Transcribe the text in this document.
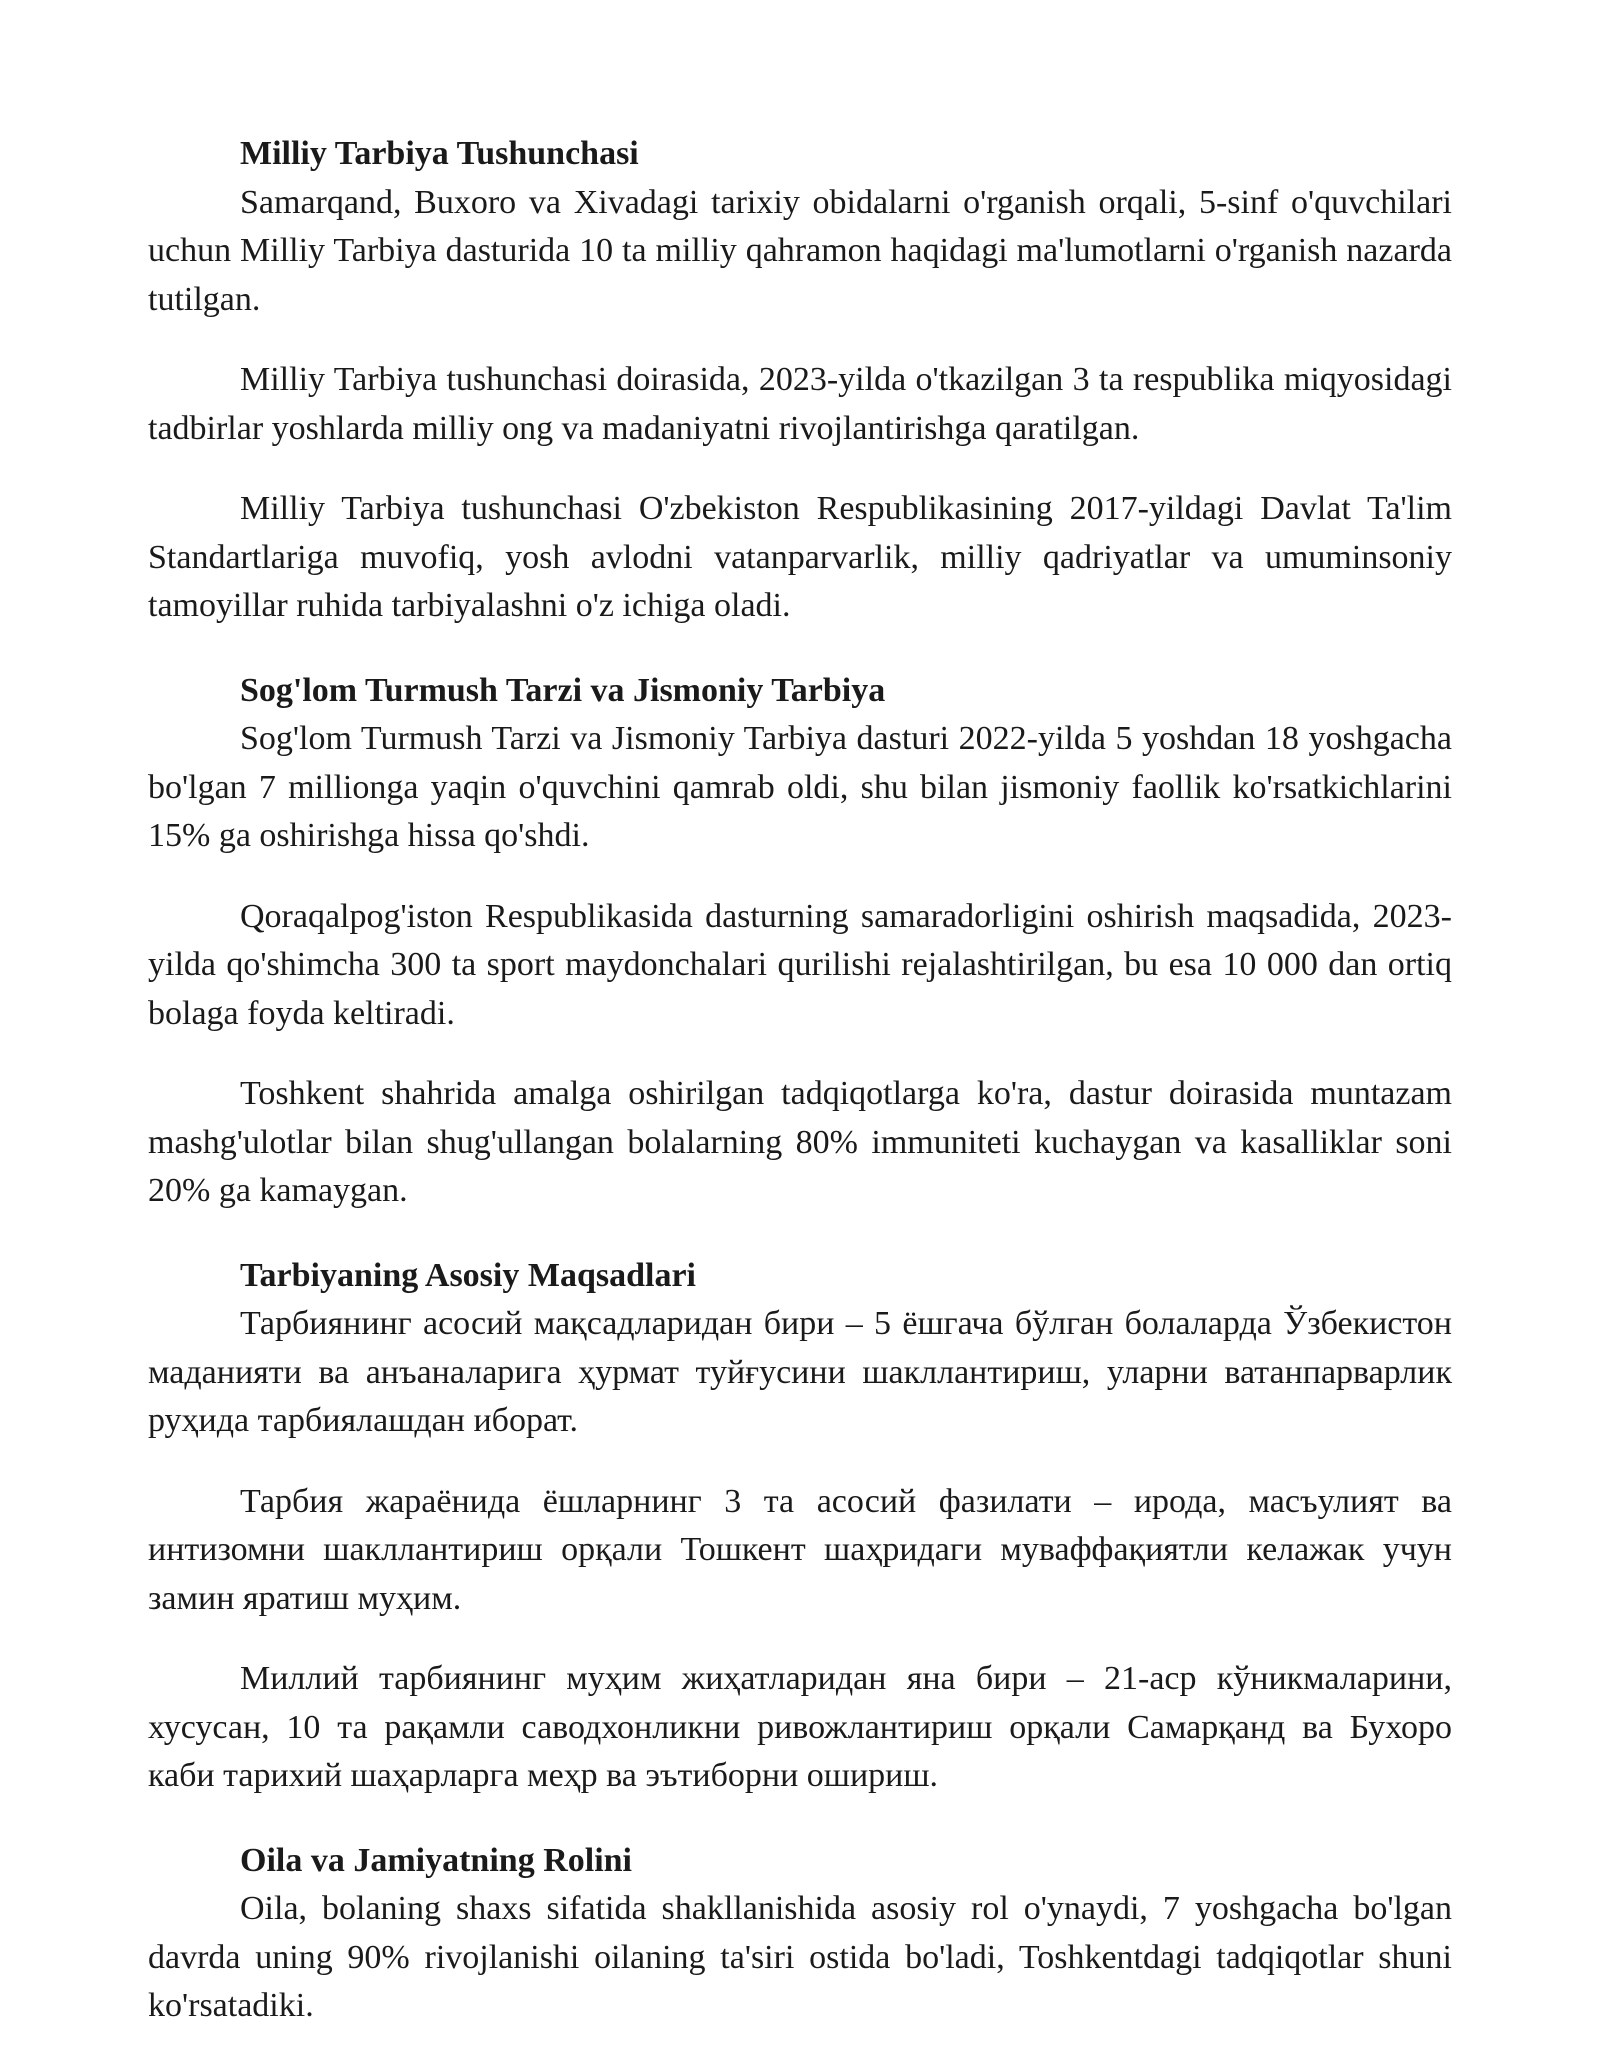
Milliy Tarbiya Tushunchasi

Samarqand, Buxoro va Xivadagi tarixiy obidalarni o'rganish orqali, 5-sinf o'quvchilari uchun Milliy Tarbiya dasturida 10 ta milliy qahramon haqidagi ma'lumotlarni o'rganish nazarda tutilgan.

Milliy Tarbiya tushunchasi doirasida, 2023-yilda o'tkazilgan 3 ta respublika miqyosidagi tadbirlar yoshlarda milliy ong va madaniyatni rivojlantirishga qaratilgan.

Milliy Tarbiya tushunchasi O'zbekiston Respublikasining 2017-yildagi Davlat Ta'lim Standartlariga muvofiq, yosh avlodni vatanparvarlik, milliy qadriyatlar va umuminsoniy tamoyillar ruhida tarbiyalashni o'z ichiga oladi.

Sog'lom Turmush Tarzi va Jismoniy Tarbiya

Sog'lom Turmush Tarzi va Jismoniy Tarbiya dasturi 2022-yilda 5 yoshdan 18 yoshgacha bo'lgan 7 millionga yaqin o'quvchini qamrab oldi, shu bilan jismoniy faollik ko'rsatkichlarini 15% ga oshirishga hissa qo'shdi.

Qoraqalpog'iston Respublikasida dasturning samaradorligini oshirish maqsadida, 2023-yilda qo'shimcha 300 ta sport maydonchalari qurilishi rejalashtirilgan, bu esa 10 000 dan ortiq bolaga foyda keltiradi.

Toshkent shahrida amalga oshirilgan tadqiqotlarga ko'ra, dastur doirasida muntazam mashg'ulotlar bilan shug'ullangan bolalarning 80% immuniteti kuchaygan va kasalliklar soni 20% ga kamaygan.

Tarbiyaning Asosiy Maqsadlari

Тарбиянинг асосий мақсадларидан бири – 5 ёшгача бўлган болаларда Ўзбекистон маданияти ва анъаналарига ҳурмат туйғусини шакллантириш, уларни ватанпарварлик руҳида тарбиялашдан иборат.

Тарбия жараёнида ёшларнинг 3 та асосий фазилати – ирода, масъулият ва интизомни шакллантириш орқали Тошкент шаҳридаги муваффақиятли келажак учун замин яратиш муҳим.

Миллий тарбиянинг муҳим жиҳатларидан яна бири – 21-аср кўникмаларини, хусусан, 10 та рақамли саводхонликни ривожлантириш орқали Самарқанд ва Бухоро каби тарихий шаҳарларга меҳр ва эътиборни ошириш.

Oila va Jamiyatning Rolini

Oila, bolaning shaxs sifatida shakllanishida asosiy rol o'ynaydi, 7 yoshgacha bo'lgan davrda uning 90% rivojlanishi oilaning ta'siri ostida bo'ladi, Toshkentdagi tadqiqotlar shuni ko'rsatadiki.
